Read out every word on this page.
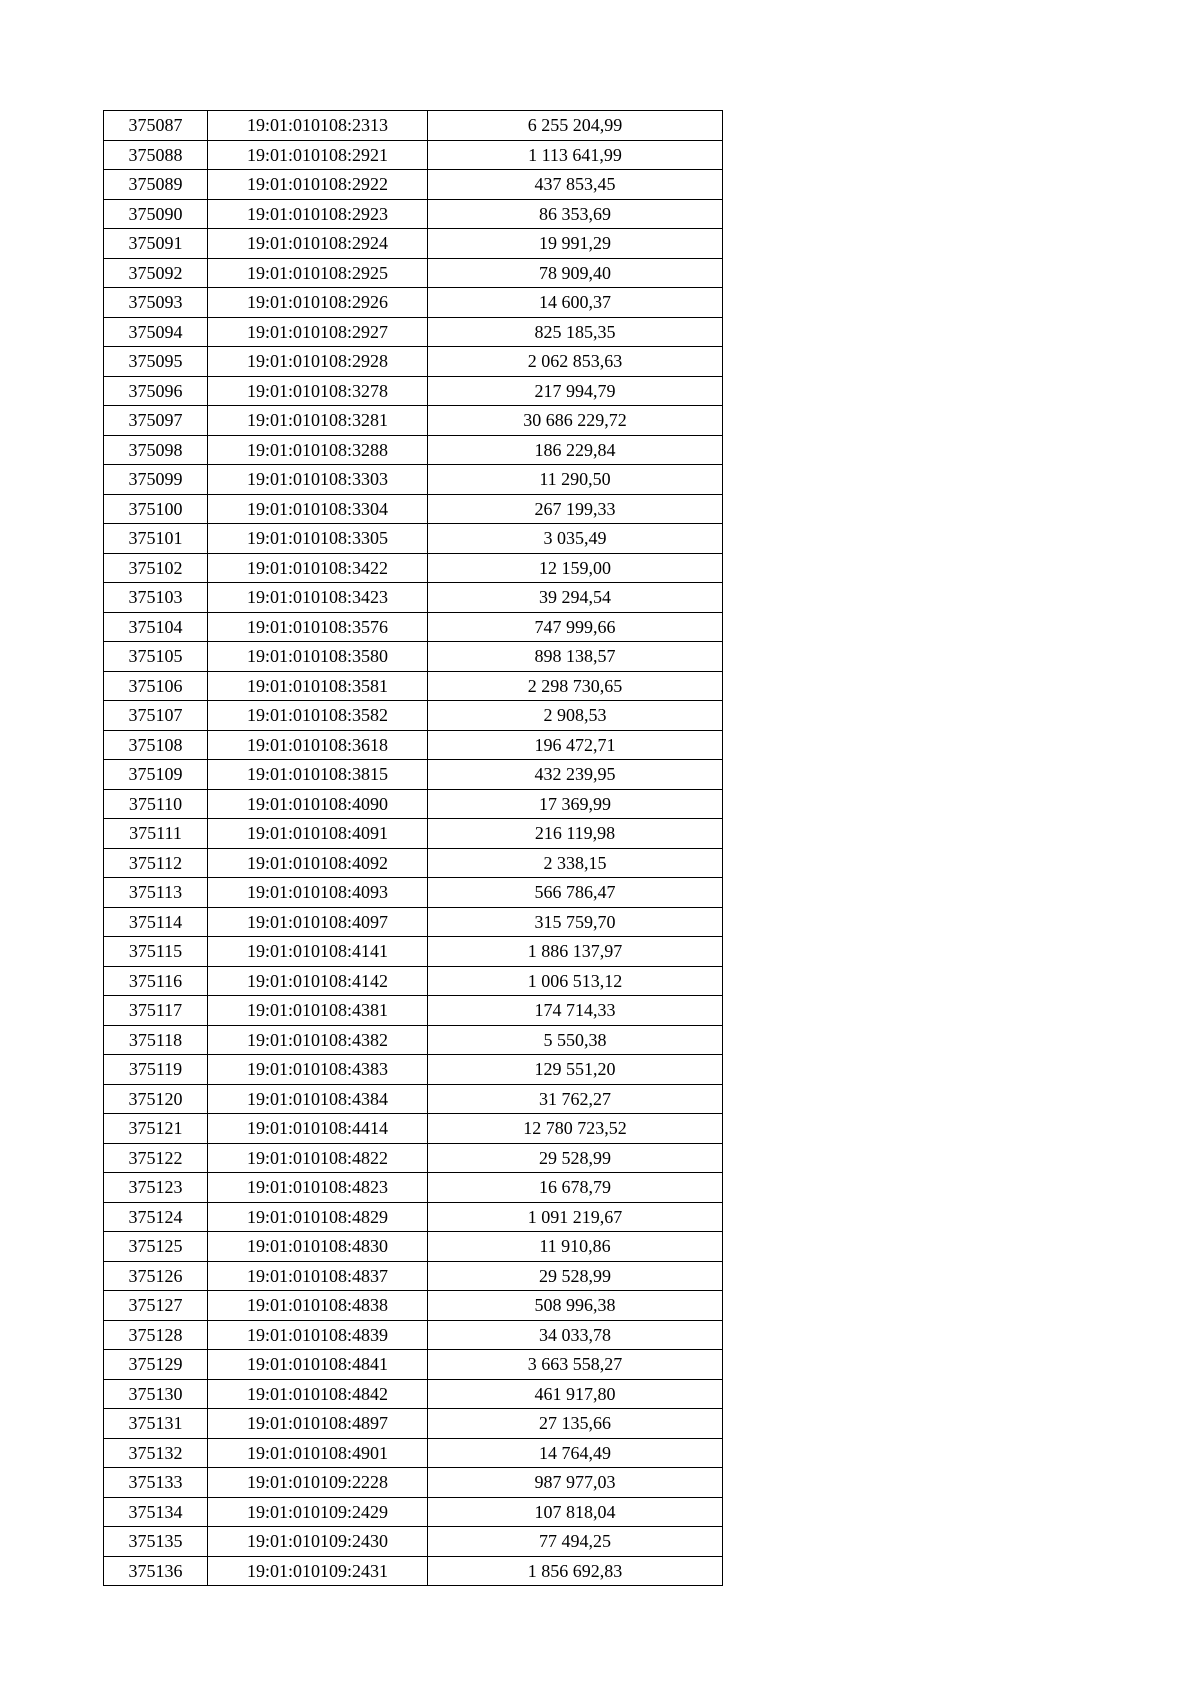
375087	19:01:010108:2313	6 255 204,99
375088	19:01:010108:2921	1 113 641,99
375089	19:01:010108:2922	437 853,45
375090	19:01:010108:2923	86 353,69
375091	19:01:010108:2924	19 991,29
375092	19:01:010108:2925	78 909,40
375093	19:01:010108:2926	14 600,37
375094	19:01:010108:2927	825 185,35
375095	19:01:010108:2928	2 062 853,63
375096	19:01:010108:3278	217 994,79
375097	19:01:010108:3281	30 686 229,72
375098	19:01:010108:3288	186 229,84
375099	19:01:010108:3303	11 290,50
375100	19:01:010108:3304	267 199,33
375101	19:01:010108:3305	3 035,49
375102	19:01:010108:3422	12 159,00
375103	19:01:010108:3423	39 294,54
375104	19:01:010108:3576	747 999,66
375105	19:01:010108:3580	898 138,57
375106	19:01:010108:3581	2 298 730,65
375107	19:01:010108:3582	2 908,53
375108	19:01:010108:3618	196 472,71
375109	19:01:010108:3815	432 239,95
375110	19:01:010108:4090	17 369,99
375111	19:01:010108:4091	216 119,98
375112	19:01:010108:4092	2 338,15
375113	19:01:010108:4093	566 786,47
375114	19:01:010108:4097	315 759,70
375115	19:01:010108:4141	1 886 137,97
375116	19:01:010108:4142	1 006 513,12
375117	19:01:010108:4381	174 714,33
375118	19:01:010108:4382	5 550,38
375119	19:01:010108:4383	129 551,20
375120	19:01:010108:4384	31 762,27
375121	19:01:010108:4414	12 780 723,52
375122	19:01:010108:4822	29 528,99
375123	19:01:010108:4823	16 678,79
375124	19:01:010108:4829	1 091 219,67
375125	19:01:010108:4830	11 910,86
375126	19:01:010108:4837	29 528,99
375127	19:01:010108:4838	508 996,38
375128	19:01:010108:4839	34 033,78
375129	19:01:010108:4841	3 663 558,27
375130	19:01:010108:4842	461 917,80
375131	19:01:010108:4897	27 135,66
375132	19:01:010108:4901	14 764,49
375133	19:01:010109:2228	987 977,03
375134	19:01:010109:2429	107 818,04
375135	19:01:010109:2430	77 494,25
375136	19:01:010109:2431	1 856 692,83
